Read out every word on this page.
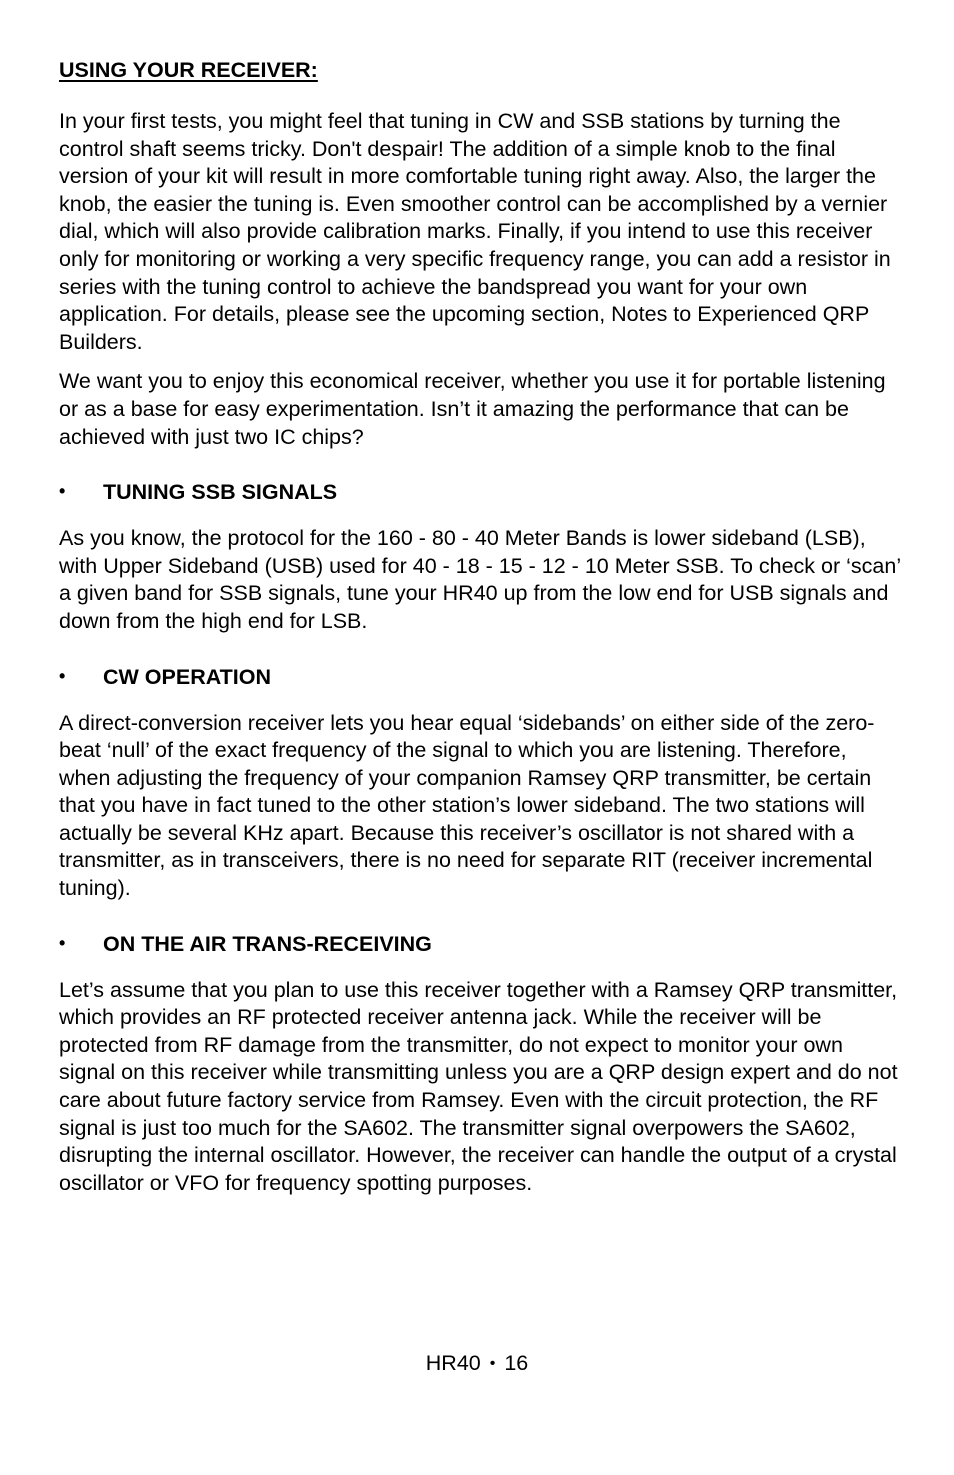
USING YOUR RECEIVER:

In your first tests, you might feel that tuning in CW and SSB stations by turning the control shaft seems tricky. Don't despair! The addition of a simple knob to the final version of your kit will result in more comfortable tuning right away. Also, the larger the knob, the easier the tuning is. Even smoother control can be accomplished by a vernier dial, which will also provide calibration marks. Finally, if you intend to use this receiver only for monitoring or working a very specific frequency range, you can add a resistor in series with the tuning control to achieve the bandspread you want for your own application. For details, please see the upcoming section, Notes to Experienced QRP Builders.

We want you to enjoy this economical receiver, whether you use it for portable listening or as a base for easy experimentation. Isn’t it amazing the performance that can be achieved with just two IC chips?

•	TUNING SSB SIGNALS

As you know, the protocol for the 160 - 80 - 40 Meter Bands is lower sideband (LSB), with Upper Sideband (USB) used for 40 - 18 - 15 - 12 - 10 Meter SSB. To check or ‘scan’ a given band for SSB signals, tune your HR40 up from the low end for USB signals and down from the high end for LSB.

•	CW OPERATION

A direct-conversion receiver lets you hear equal ‘sidebands’ on either side of the zero-beat ‘null’ of the exact frequency of the signal to which you are listening. Therefore, when adjusting the frequency of your companion Ramsey QRP transmitter, be certain that you have in fact tuned to the other station’s lower sideband. The two stations will actually be several KHz apart. Because this receiver’s oscillator is not shared with a transmitter, as in transceivers, there is no need for separate RIT (receiver incremental tuning).

•	ON THE AIR TRANS-RECEIVING

Let’s assume that you plan to use this receiver together with a Ramsey QRP transmitter, which provides an RF protected receiver antenna jack. While the receiver will be protected from RF damage from the transmitter, do not expect to monitor your own signal on this receiver while transmitting unless you are a QRP design expert and do not care about future factory service from Ramsey. Even with the circuit protection, the RF signal is just too much for the SA602. The transmitter signal overpowers the SA602, disrupting the internal oscillator. However, the receiver can handle the output of a crystal oscillator or VFO for frequency spotting purposes.

HR40 • 16
